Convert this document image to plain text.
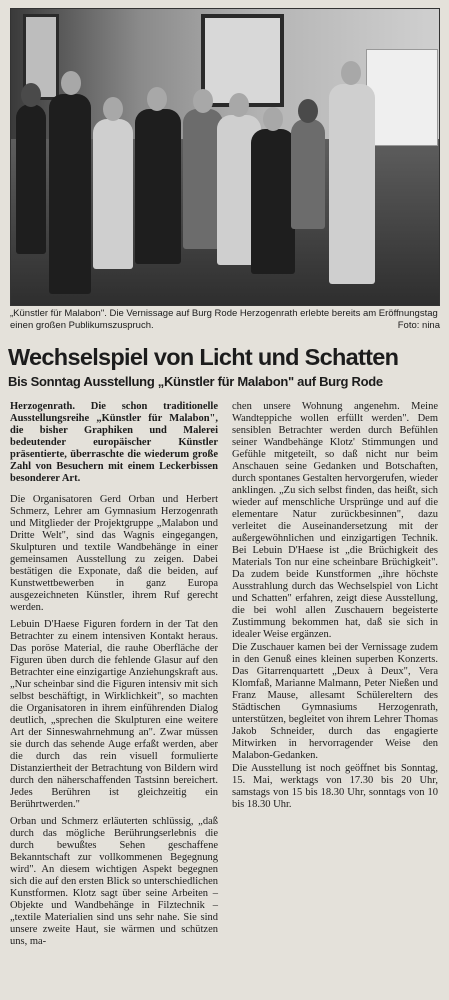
„Künstler für Malabon". Die Vernissage auf Burg Rode Herzogenrath erlebte bereits am Eröffnungstag einen großen Publikumszuspruch.	Foto: nina
Wechselspiel von Licht und Schatten
Bis Sonntag Ausstellung „Künstler für Malabon" auf Burg Rode

Herzogenrath. Die schon traditionelle Ausstellungsreihe „Künstler für Malabon", die bisher Graphiken und Malerei bedeutender europäischer Künstler präsentierte, überraschte die wiederum große Zahl von Besuchern mit einem Leckerbissen besonderer Art.

Die Organisatoren Gerd Orban und Herbert Schmerz, Lehrer am Gymnasium Herzogenrath und Mitglieder der Projektgruppe „Malabon und Dritte Welt", sind das Wagnis eingegangen, Skulpturen und textile Wandbehänge in einer gemeinsamen Ausstellung zu zeigen. Dabei bestätigen die Exponate, daß die beiden, auf Kunstwettbewerben in ganz Europa ausgezeichneten Künstler, ihrem Ruf gerecht werden.

Lebuin D'Haese Figuren fordern in der Tat den Betrachter zu einem intensiven Kontakt heraus. Das poröse Material, die rauhe Oberfläche der Figuren üben durch die fehlende Glasur auf den Betrachter eine einzigartige Anziehungskraft aus. „Nur scheinbar sind die Figuren intensiv mit sich selbst beschäftigt, in Wirklichkeit", so machten die Organisatoren in ihrem einführenden Dialog deutlich, „sprechen die Skulpturen eine weitere Art der Sinneswahrnehmung an". Zwar müssen sie durch das sehende Auge erfaßt werden, aber die durch das rein visuell formulierte Distanziertheit der Betrachtung von Bildern wird durch den näherschaffenden Tastsinn bereichert. Jedes Berühren ist gleichzeitig ein Berührtwerden."

Orban und Schmerz erläuterten schlüssig, „daß durch das mögliche Berührungserlebnis die durch bewußtes Sehen geschaffene Bekanntschaft zur vollkommenen Begegnung wird". An diesem wichtigen Aspekt begegnen sich die auf den ersten Blick so unterschiedlichen Kunstformen. Klotz sagt über seine Arbeiten – Objekte und Wandbehänge in Filztechnik – „textile Materialien sind uns sehr nahe. Sie sind unsere zweite Haut, sie wärmen und schützen uns, ma-

chen unsere Wohnung angenehm. Meine Wandteppiche wollen erfüllt werden". Dem sensiblen Betrachter werden durch Befühlen seiner Wandbehänge Klotz' Stimmungen und Gefühle mitgeteilt, so daß nicht nur beim Anschauen seine Gedanken und Botschaften, durch spontanes Gestalten hervorgerufen, wieder anklingen. „Zu sich selbst finden, das heißt, sich wieder auf menschliche Ursprünge und auf die elementare Natur zurückbesinnen", dazu verleitet die Auseinandersetzung mit der außergewöhnlichen und einzigartigen Technik. Bei Lebuin D'Haese ist „die Brüchigkeit des Materials Ton nur eine scheinbare Brüchigkeit". Da zudem beide Kunstformen „ihre höchste Ausstrahlung durch das Wechselspiel von Licht und Schatten" erfahren, zeigt diese Ausstellung, die bei wohl allen Zuschauern begeisterte Zustimmung bekommen hat, daß sie sich in idealer Weise ergänzen.

Die Zuschauer kamen bei der Vernissage zudem in den Genuß eines kleinen superben Konzerts. Das Gitarrenquartett „Deux à Deux", Vera Klomfaß, Marianne Malmann, Peter Nießen und Franz Mause, allesamt Schülereltern des Städtischen Gymnasiums Herzogenrath, unterstützen, begleitet von ihrem Lehrer Thomas Jakob Schneider, durch das engagierte Mitwirken in hervorragender Weise den Malabon-Gedanken.

Die Ausstellung ist noch geöffnet bis Sonntag, 15. Mai, werktags von 17.30 bis 20 Uhr, samstags von 15 bis 18.30 Uhr, sonntags von 10 bis 18.30 Uhr.
